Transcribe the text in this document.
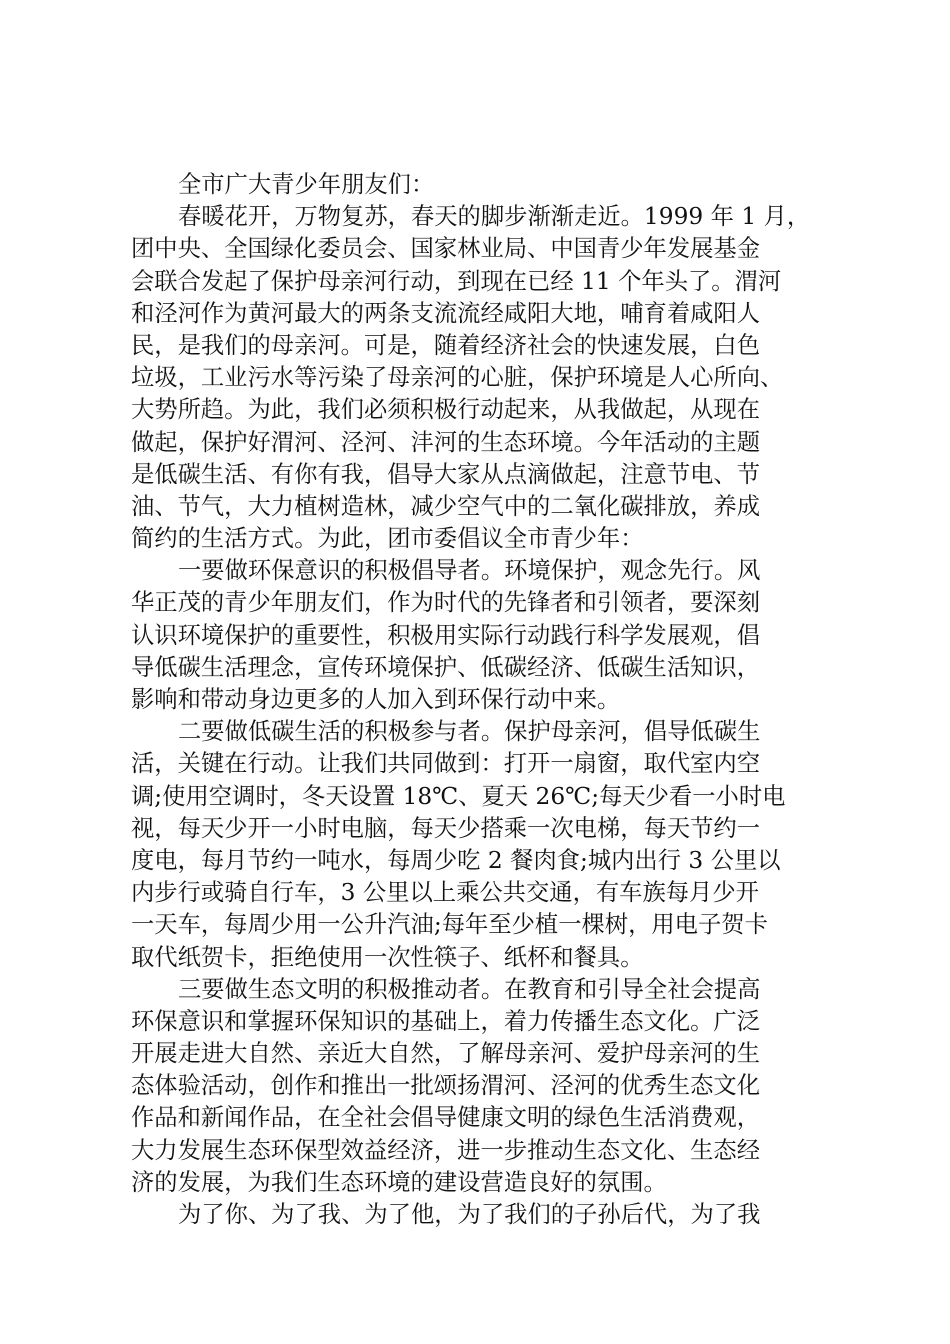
全市广大青少年朋友们：
春暖花开，万物复苏，春天的脚步渐渐走近。1999 年 1 月，
团中央、全国绿化委员会、国家林业局、中国青少年发展基金
会联合发起了保护母亲河行动，到现在已经 11 个年头了。渭河
和泾河作为黄河最大的两条支流流经咸阳大地，哺育着咸阳人
民，是我们的母亲河。可是，随着经济社会的快速发展，白色
垃圾，工业污水等污染了母亲河的心脏，保护环境是人心所向、
大势所趋。为此，我们必须积极行动起来，从我做起，从现在
做起，保护好渭河、泾河、沣河的生态环境。今年活动的主题
是低碳生活、有你有我，倡导大家从点滴做起，注意节电、节
油、节气，大力植树造林，减少空气中的二氧化碳排放，养成
简约的生活方式。为此，团市委倡议全市青少年：
一要做环保意识的积极倡导者。环境保护，观念先行。风
华正茂的青少年朋友们，作为时代的先锋者和引领者，要深刻
认识环境保护的重要性，积极用实际行动践行科学发展观，倡
导低碳生活理念，宣传环境保护、低碳经济、低碳生活知识，
影响和带动身边更多的人加入到环保行动中来。
二要做低碳生活的积极参与者。保护母亲河，倡导低碳生
活，关键在行动。让我们共同做到：打开一扇窗，取代室内空
调;使用空调时，冬天设置 18℃、夏天 26℃;每天少看一小时电
视，每天少开一小时电脑，每天少搭乘一次电梯，每天节约一
度电，每月节约一吨水，每周少吃 2 餐肉食;城内出行 3 公里以
内步行或骑自行车，3 公里以上乘公共交通，有车族每月少开
一天车，每周少用一公升汽油;每年至少植一棵树，用电子贺卡
取代纸贺卡，拒绝使用一次性筷子、纸杯和餐具。
三要做生态文明的积极推动者。在教育和引导全社会提高
环保意识和掌握环保知识的基础上，着力传播生态文化。广泛
开展走进大自然、亲近大自然，了解母亲河、爱护母亲河的生
态体验活动，创作和推出一批颂扬渭河、泾河的优秀生态文化
作品和新闻作品，在全社会倡导健康文明的绿色生活消费观，
大力发展生态环保型效益经济，进一步推动生态文化、生态经
济的发展，为我们生态环境的建设营造良好的氛围。
为了你、为了我、为了他，为了我们的子孙后代，为了我
